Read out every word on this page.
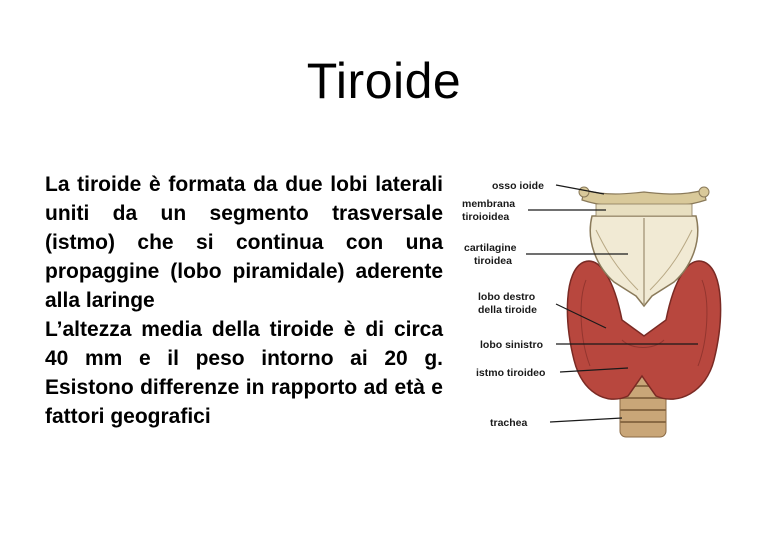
Tiroide

La tiroide è formata da due lobi laterali uniti da un segmento trasversale (istmo) che si continua con una propaggine (lobo piramidale) aderente alla laringe

L’altezza media della tiroide è di circa 40 mm e il peso intorno ai 20 g. Esistono differenze in rapporto ad età e fattori geografici

osso ioide
membrana
tiroioidea
cartilagine
tiroidea
lobo destro
della tiroide
lobo sinistro
istmo tiroideo
trachea
